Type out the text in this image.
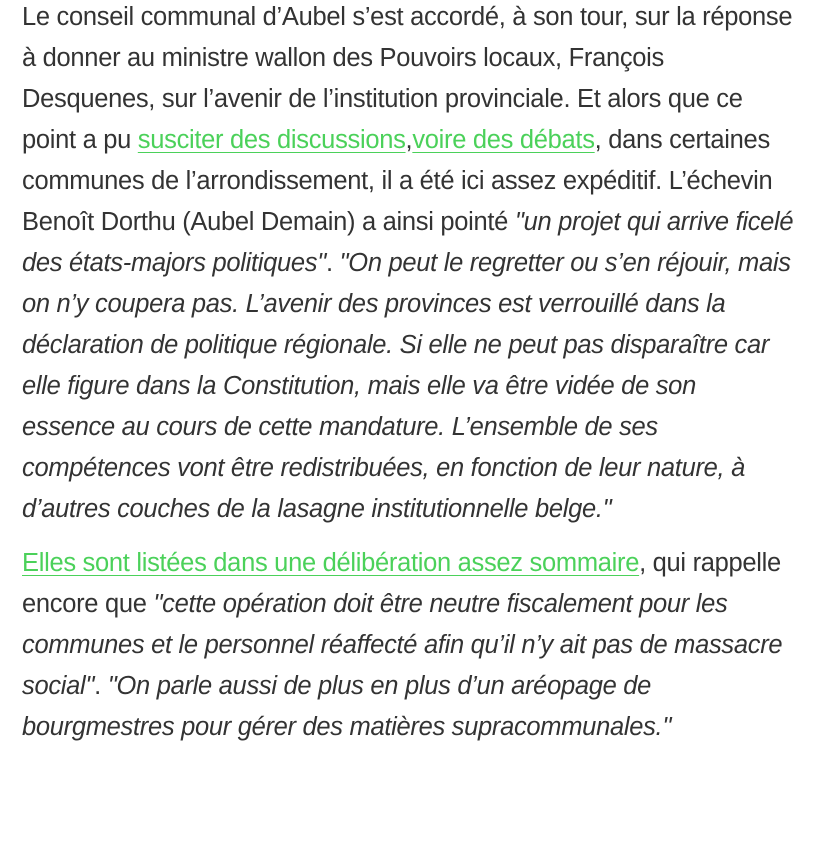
Le conseil communal d’Aubel s’est accordé, à son tour, sur la réponse à donner au ministre wallon des Pouvoirs locaux, François Desquenes, sur l’avenir de l’institution provinciale. Et alors que ce point a pu susciter des discussions,voire des débats, dans certaines communes de l’arrondissement, il a été ici assez expéditif. L’échevin Benoît Dorthu (Aubel Demain) a ainsi pointé "un projet qui arrive ficelé des états-majors politiques". "On peut le regretter ou s’en réjouir, mais on n’y coupera pas. L’avenir des provinces est verrouillé dans la déclaration de politique régionale. Si elle ne peut pas disparaître car elle figure dans la Constitution, mais elle va être vidée de son essence au cours de cette mandature. L’ensemble de ses compétences vont être redistribuées, en fonction de leur nature, à d’autres couches de la lasagne institutionnelle belge."

Elles sont listées dans une délibération assez sommaire, qui rappelle encore que "cette opération doit être neutre fiscalement pour les communes et le personnel réaffecté afin qu’il n’y ait pas de massacre social". "On parle aussi de plus en plus d’un aréopage de bourgmestres pour gérer des matières supracommunales."
